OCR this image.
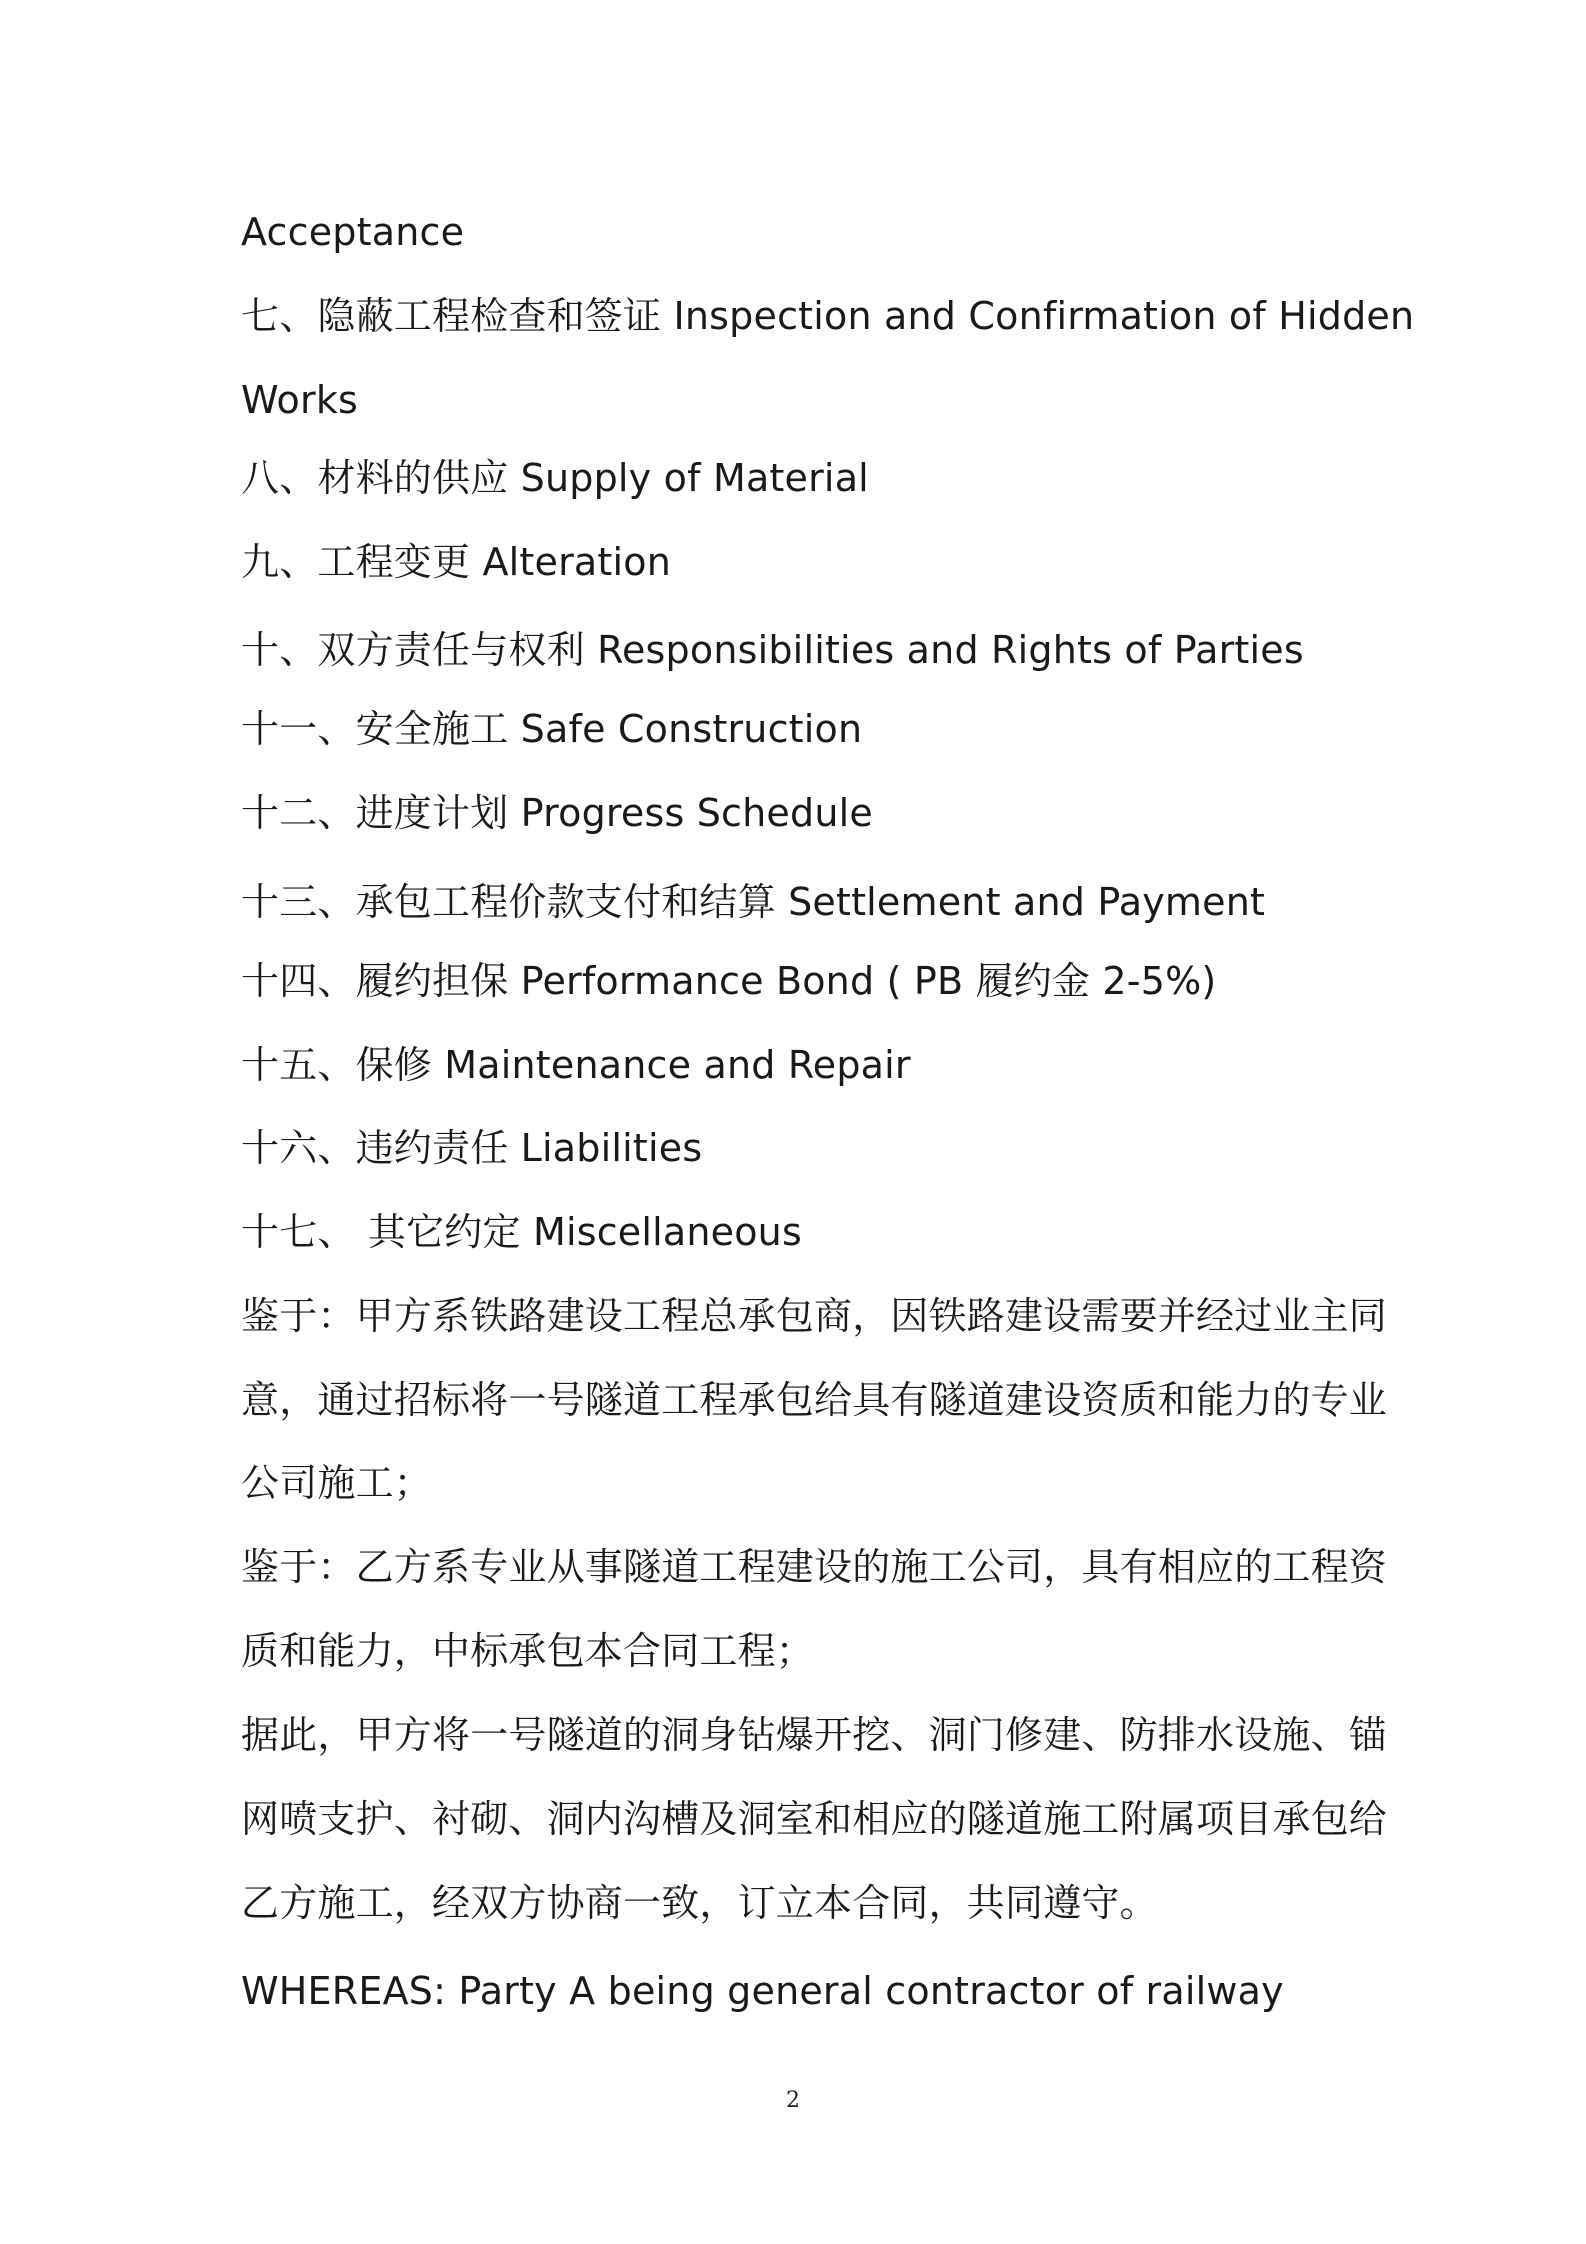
Acceptance
七、隐蔽工程检查和签证 Inspection and Confirmation of Hidden
Works
八、材料的供应 Supply of Material
九、工程变更 Alteration
十、双方责任与权利 Responsibilities and Rights of Parties
十一、安全施工 Safe Construction
十二、进度计划 Progress Schedule
十三、承包工程价款支付和结算 Settlement and Payment
十四、履约担保 Performance Bond ( PB 履约金 2-5%)
十五、保修 Maintenance and Repair
十六、违约责任 Liabilities
十七、 其它约定 Miscellaneous
鉴于：甲方系铁路建设工程总承包商，因铁路建设需要并经过业主同
意，通过招标将一号隧道工程承包给具有隧道建设资质和能力的专业
公司施工；
鉴于：乙方系专业从事隧道工程建设的施工公司，具有相应的工程资
质和能力，中标承包本合同工程；
据此，甲方将一号隧道的洞身钻爆开挖、洞门修建、防排水设施、锚
网喷支护、衬砌、洞内沟槽及洞室和相应的隧道施工附属项目承包给
乙方施工，经双方协商一致，订立本合同，共同遵守。
WHEREAS: Party A being general contractor of railway
2
